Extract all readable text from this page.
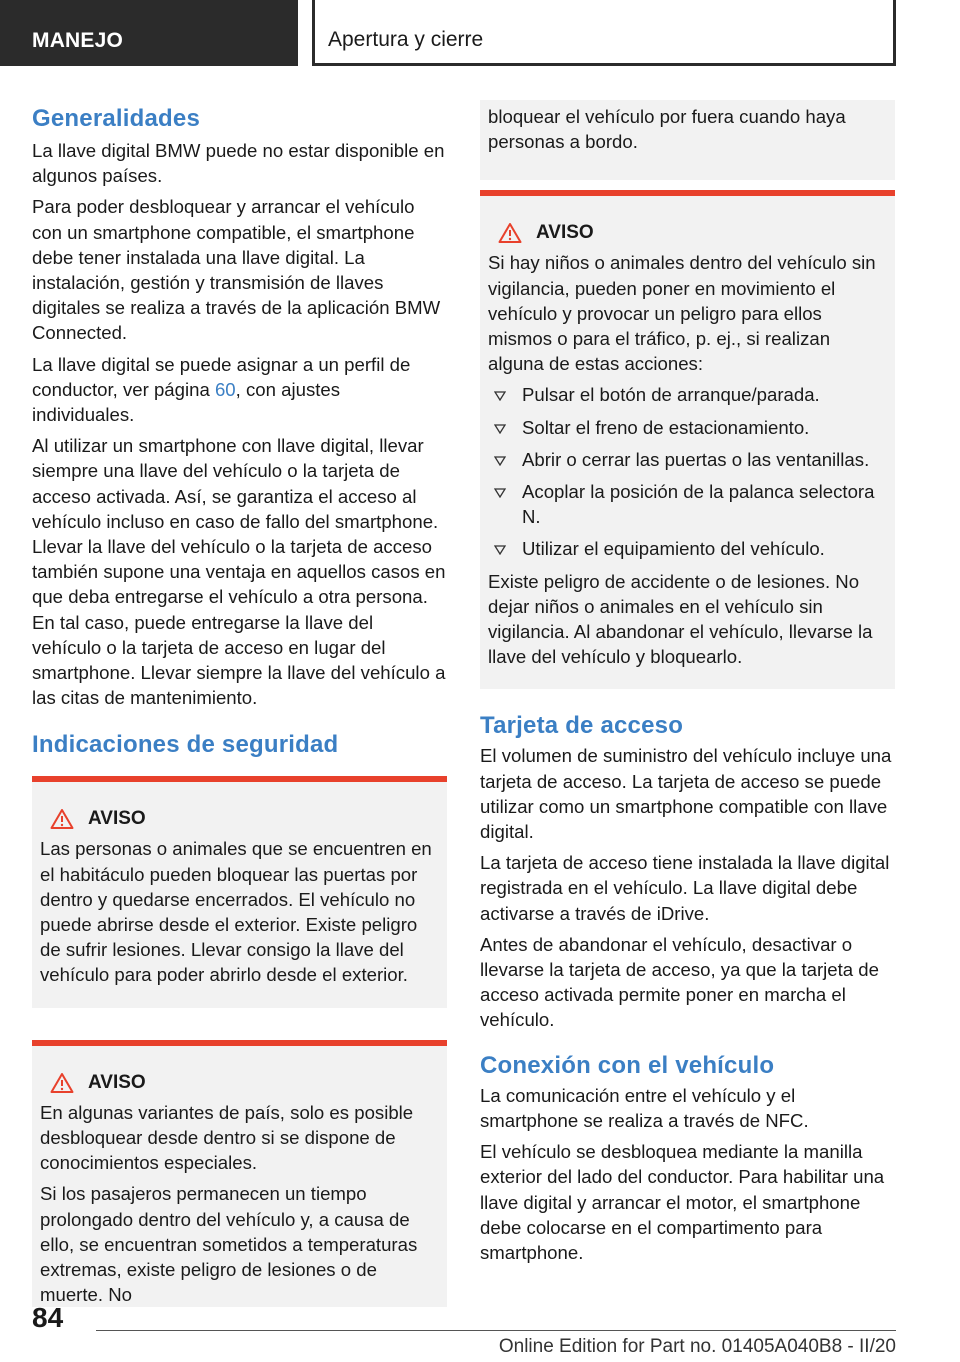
MANEJO	Apertura y cierre
Generalidades

La llave digital BMW puede no estar disponible en algunos países.

Para poder desbloquear y arrancar el vehículo con un smartphone compatible, el smartphone debe tener instalada una llave digital. La instalación, gestión y transmisión de llaves digitales se realiza a través de la aplicación BMW Connected.

La llave digital se puede asignar a un perfil de conductor, ver página 60, con ajustes individuales.

Al utilizar un smartphone con llave digital, llevar siempre una llave del vehículo o la tarjeta de acceso activada. Así, se garantiza el acceso al vehículo incluso en caso de fallo del smartphone. Llevar la llave del vehículo o la tarjeta de acceso también supone una ventaja en aquellos casos en que deba entregarse el vehículo a otra persona. En tal caso, puede entregarse la llave del vehículo o la tarjeta de acceso en lugar del smartphone. Llevar siempre la llave del vehículo a las citas de mantenimiento.

Indicaciones de seguridad
AVISO

Las personas o animales que se encuentren en el habitáculo pueden bloquear las puertas por dentro y quedarse encerrados. El vehículo no puede abrirse desde el exterior. Existe peligro de sufrir lesiones. Llevar consigo la llave del vehículo para poder abrirlo desde el exterior.

AVISO

En algunas variantes de país, solo es posible desbloquear desde dentro si se dispone de conocimientos especiales.

Si los pasajeros permanecen un tiempo prolongado dentro del vehículo y, a causa de ello, se encuentran sometidos a temperaturas extremas, existe peligro de lesiones o de muerte. No

bloquear el vehículo por fuera cuando haya personas a bordo.

AVISO

Si hay niños o animales dentro del vehículo sin vigilancia, pueden poner en movimiento el vehículo y provocar un peligro para ellos mismos o para el tráfico, p. ej., si realizan alguna de estas acciones:

Pulsar el botón de arranque/parada.
Soltar el freno de estacionamiento.
Abrir o cerrar las puertas o las ventanillas.
Acoplar la posición de la palanca selectora N.
Utilizar el equipamiento del vehículo.

Existe peligro de accidente o de lesiones. No dejar niños o animales en el vehículo sin vigilancia. Al abandonar el vehículo, llevarse la llave del vehículo y bloquearlo.

Tarjeta de acceso

El volumen de suministro del vehículo incluye una tarjeta de acceso. La tarjeta de acceso se puede utilizar como un smartphone compatible con llave digital.

La tarjeta de acceso tiene instalada la llave digital registrada en el vehículo. La llave digital debe activarse a través de iDrive.

Antes de abandonar el vehículo, desactivar o llevarse la tarjeta de acceso, ya que la tarjeta de acceso activada permite poner en marcha el vehículo.

Conexión con el vehículo

La comunicación entre el vehículo y el smartphone se realiza a través de NFC.

El vehículo se desbloquea mediante la manilla exterior del lado del conductor. Para habilitar una llave digital y arrancar el motor, el smartphone debe colocarse en el compartimento para smartphone.

84
Online Edition for Part no. 01405A040B8 - II/20
